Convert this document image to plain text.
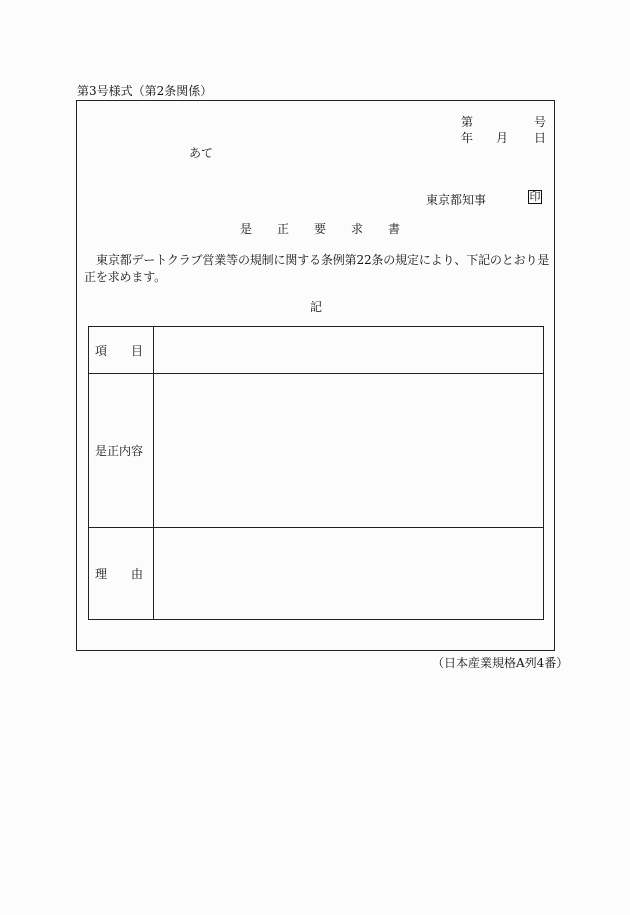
第3号様式（第2条関係）
第	号
年 月 日
あて
東京都知事	印
是正要求書
東京都デートクラブ営業等の規制に関する条例第22条の規定により、下記のとおり是正を求めます。
記
項　目	
是正内容	
理　由	
（日本産業規格A列4番）
